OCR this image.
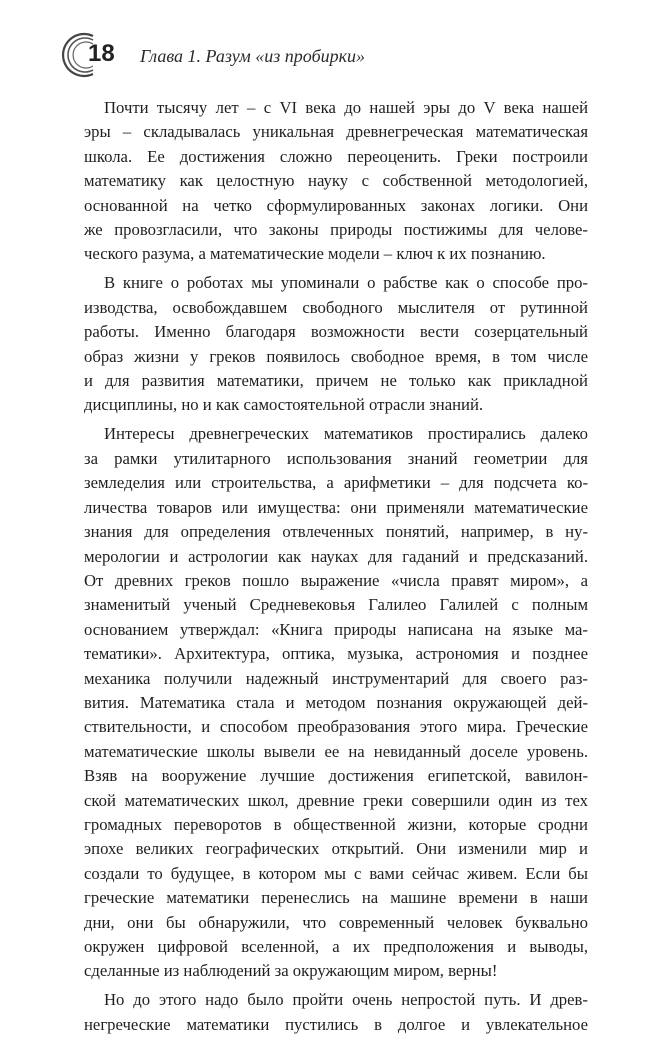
18 Глава 1. Разум «из пробирки»

Почти тысячу лет – с VI века до нашей эры до V века нашей
эры – складывалась уникальная древнегреческая математическая
школа. Ее достижения сложно переоценить. Греки построили
математику как целостную науку с собственной методологией,
основанной на четко сформулированных законах логики. Они
же провозгласили, что законы природы постижимы для челове-
ческого разума, а математические модели – ключ к их познанию.

В книге о роботах мы упоминали о рабстве как о способе про-
изводства, освобождавшем свободного мыслителя от рутинной
работы. Именно благодаря возможности вести созерцательный
образ жизни у греков появилось свободное время, в том числе
и для развития математики, причем не только как прикладной
дисциплины, но и как самостоятельной отрасли знаний.

Интересы древнегреческих математиков простирались далеко
за рамки утилитарного использования знаний геометрии для
земледелия или строительства, а арифметики – для подсчета ко-
личества товаров или имущества: они применяли математические
знания для определения отвлеченных понятий, например, в ну-
мерологии и астрологии как науках для гаданий и предсказаний.
От древних греков пошло выражение «числа правят миром», а
знаменитый ученый Средневековья Галилео Галилей с полным
основанием утверждал: «Книга природы написана на языке ма-
тематики». Архитектура, оптика, музыка, астрономия и позднее
механика получили надежный инструментарий для своего раз-
вития. Математика стала и методом познания окружающей дей-
ствительности, и способом преобразования этого мира. Греческие
математические школы вывели ее на невиданный доселе уровень.
Взяв на вооружение лучшие достижения египетской, вавилон-
ской математических школ, древние греки совершили один из тех
громадных переворотов в общественной жизни, которые сродни
эпохе великих географических открытий. Они изменили мир и
создали то будущее, в котором мы с вами сейчас живем. Если бы
греческие математики перенеслись на машине времени в наши
дни, они бы обнаружили, что современный человек буквально
окружен цифровой вселенной, а их предположения и выводы,
сделанные из наблюдений за окружающим миром, верны!

Но до этого надо было пройти очень непростой путь. И древ-
негреческие математики пустились в долгое и увлекательное
